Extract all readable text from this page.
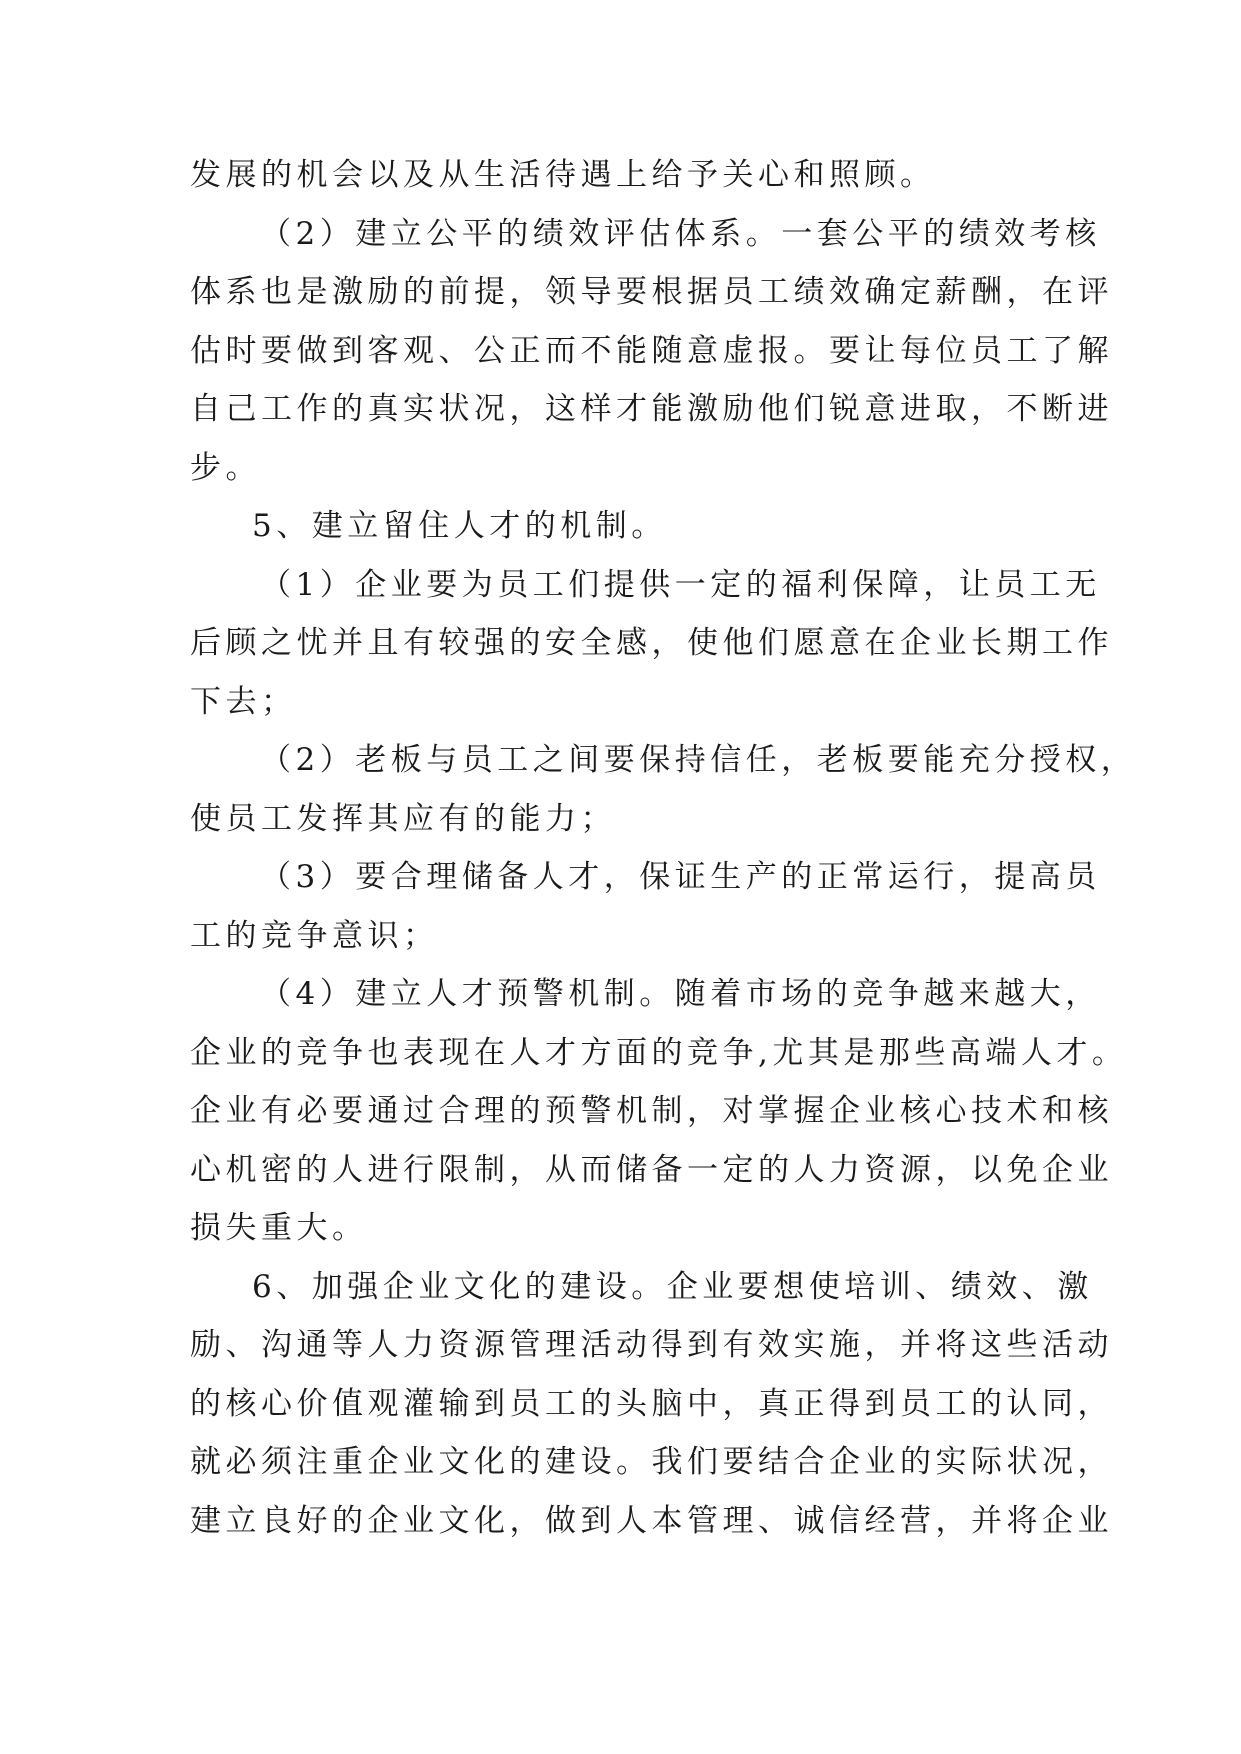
发展的机会以及从生活待遇上给予关心和照顾。
（2）建立公平的绩效评估体系。一套公平的绩效考核
体系也是激励的前提，领导要根据员工绩效确定薪酬，在评
估时要做到客观、公正而不能随意虚报。要让每位员工了解
自己工作的真实状况，这样才能激励他们锐意进取，不断进
步。
5、建立留住人才的机制。
（1）企业要为员工们提供一定的福利保障，让员工无
后顾之忧并且有较强的安全感，使他们愿意在企业长期工作
下去；
（2）老板与员工之间要保持信任，老板要能充分授权，
使员工发挥其应有的能力；
（3）要合理储备人才，保证生产的正常运行，提高员
工的竞争意识；
（4）建立人才预警机制。随着市场的竞争越来越大，
企业的竞争也表现在人才方面的竞争,尤其是那些高端人才。
企业有必要通过合理的预警机制，对掌握企业核心技术和核
心机密的人进行限制，从而储备一定的人力资源，以免企业
损失重大。
6、加强企业文化的建设。企业要想使培训、绩效、激
励、沟通等人力资源管理活动得到有效实施，并将这些活动
的核心价值观灌输到员工的头脑中，真正得到员工的认同，
就必须注重企业文化的建设。我们要结合企业的实际状况，
建立良好的企业文化，做到人本管理、诚信经营，并将企业
